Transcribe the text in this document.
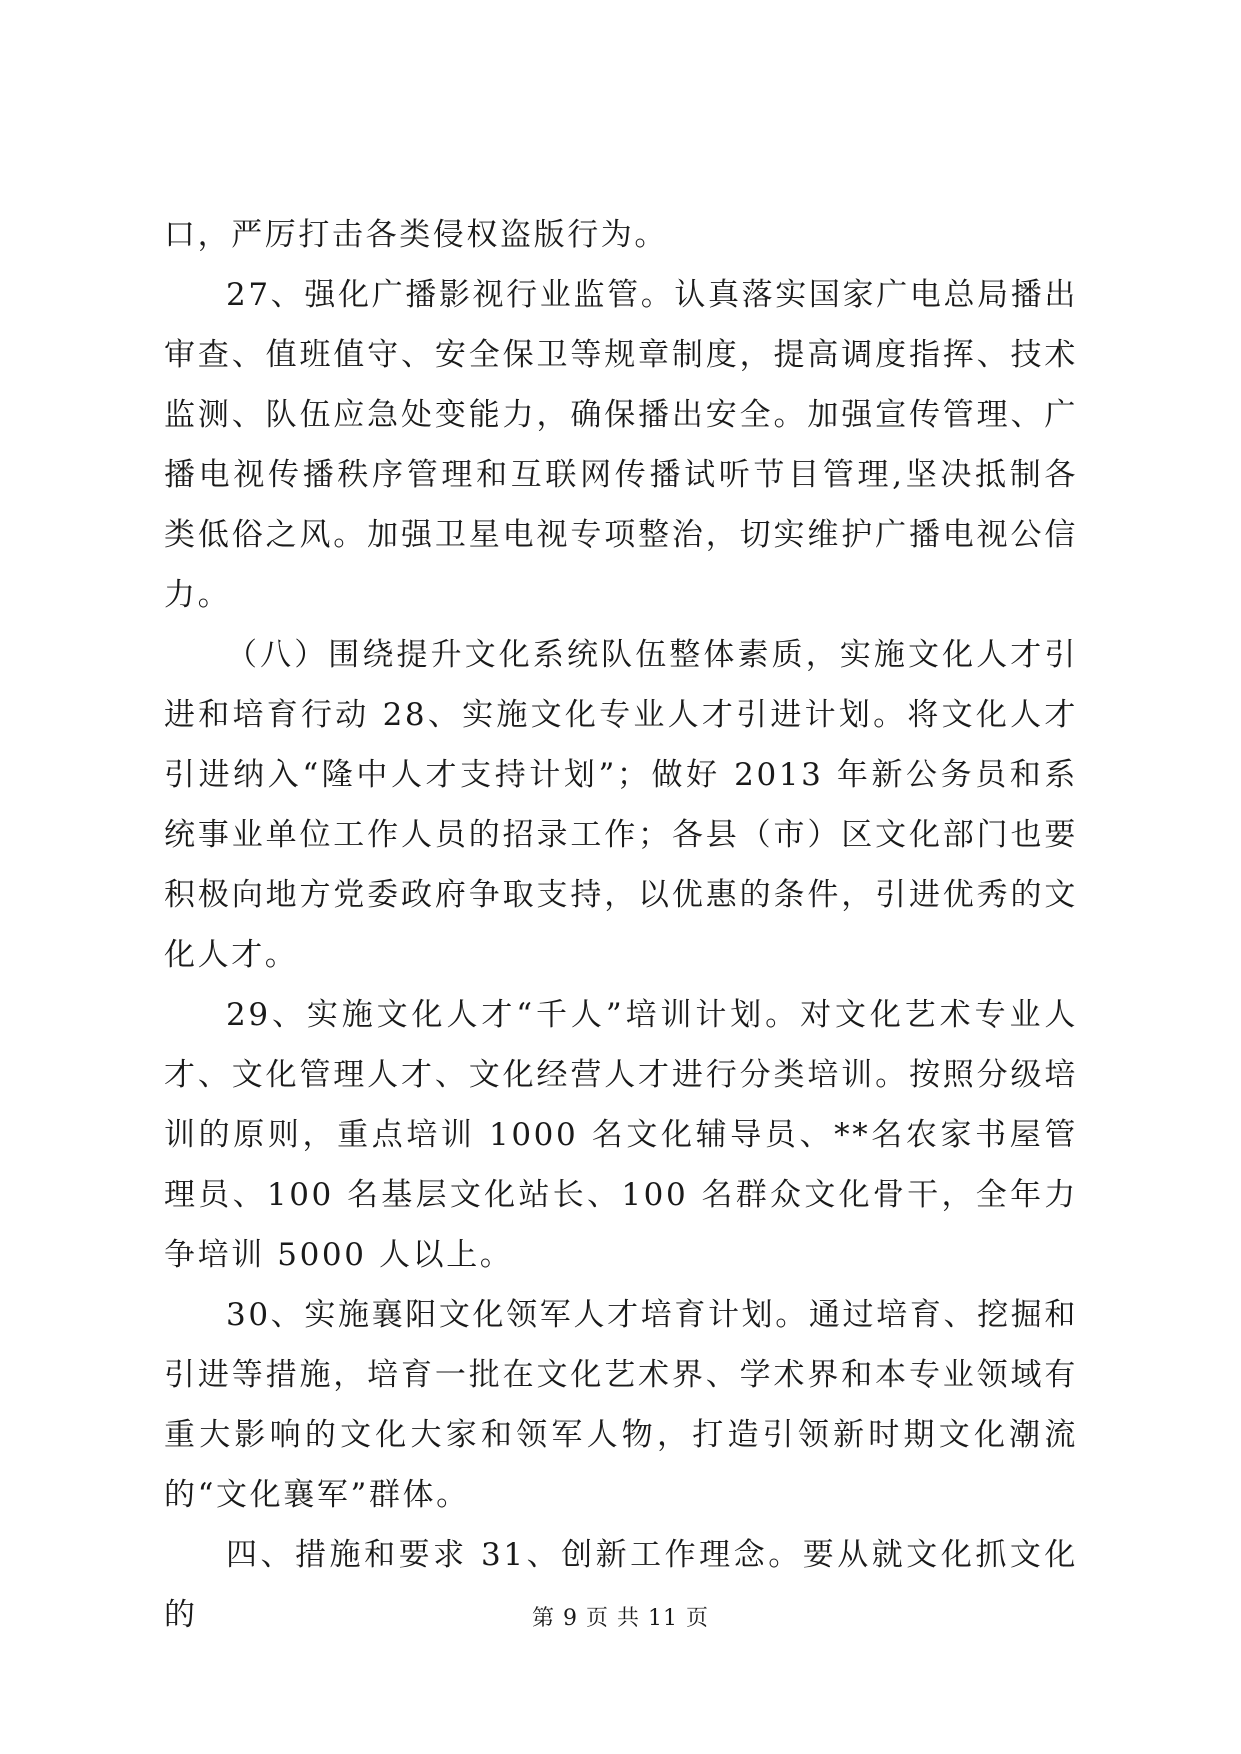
口，严厉打击各类侵权盗版行为。

27、强化广播影视行业监管。认真落实国家广电总局播出审查、值班值守、安全保卫等规章制度，提高调度指挥、技术监测、队伍应急处变能力，确保播出安全。加强宣传管理、广播电视传播秩序管理和互联网传播试听节目管理,坚决抵制各类低俗之风。加强卫星电视专项整治，切实维护广播电视公信力。

（八）围绕提升文化系统队伍整体素质，实施文化人才引进和培育行动 28、实施文化专业人才引进计划。将文化人才引进纳入“隆中人才支持计划”；做好 2013 年新公务员和系统事业单位工作人员的招录工作；各县（市）区文化部门也要积极向地方党委政府争取支持，以优惠的条件，引进优秀的文化人才。

29、实施文化人才“千人”培训计划。对文化艺术专业人才、文化管理人才、文化经营人才进行分类培训。按照分级培训的原则，重点培训 1000 名文化辅导员、**名农家书屋管理员、100 名基层文化站长、100 名群众文化骨干，全年力争培训 5000 人以上。

30、实施襄阳文化领军人才培育计划。通过培育、挖掘和引进等措施，培育一批在文化艺术界、学术界和本专业领域有重大影响的文化大家和领军人物，打造引领新时期文化潮流的“文化襄军”群体。

四、措施和要求 31、创新工作理念。要从就文化抓文化的	第 9 页 共 11 页
